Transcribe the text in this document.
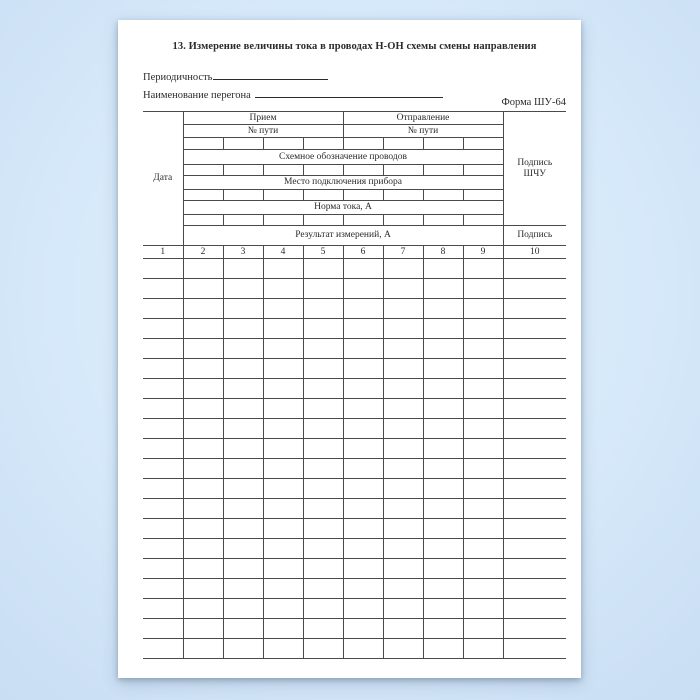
13. Измерение величины тока в проводах Н-ОН схемы смены направления
Периодичность
Наименование перегона
Форма ШУ-64
Дата	Прием				Отправление				Подпись
ШЧУ
	№ пути				№ пути				

	Схемное обозначение проводов								

	Место подключения прибора								

	Норма тока, А								

	Результат измерений, А								Подпись
1	2	3	4	5	6	7	8	9	10
